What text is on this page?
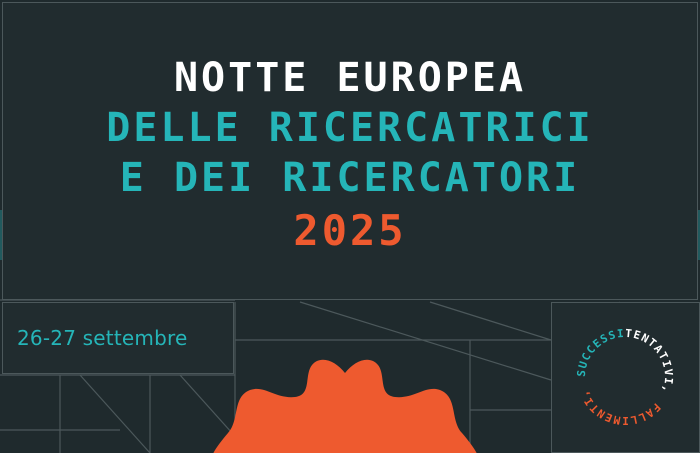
NOTTE EUROPEA
DELLE RICERCATRICI
E DEI RICERCATORI
2025
26-27 settembre	TENTATIVI, FALLIMENTI, SUCCESSI
